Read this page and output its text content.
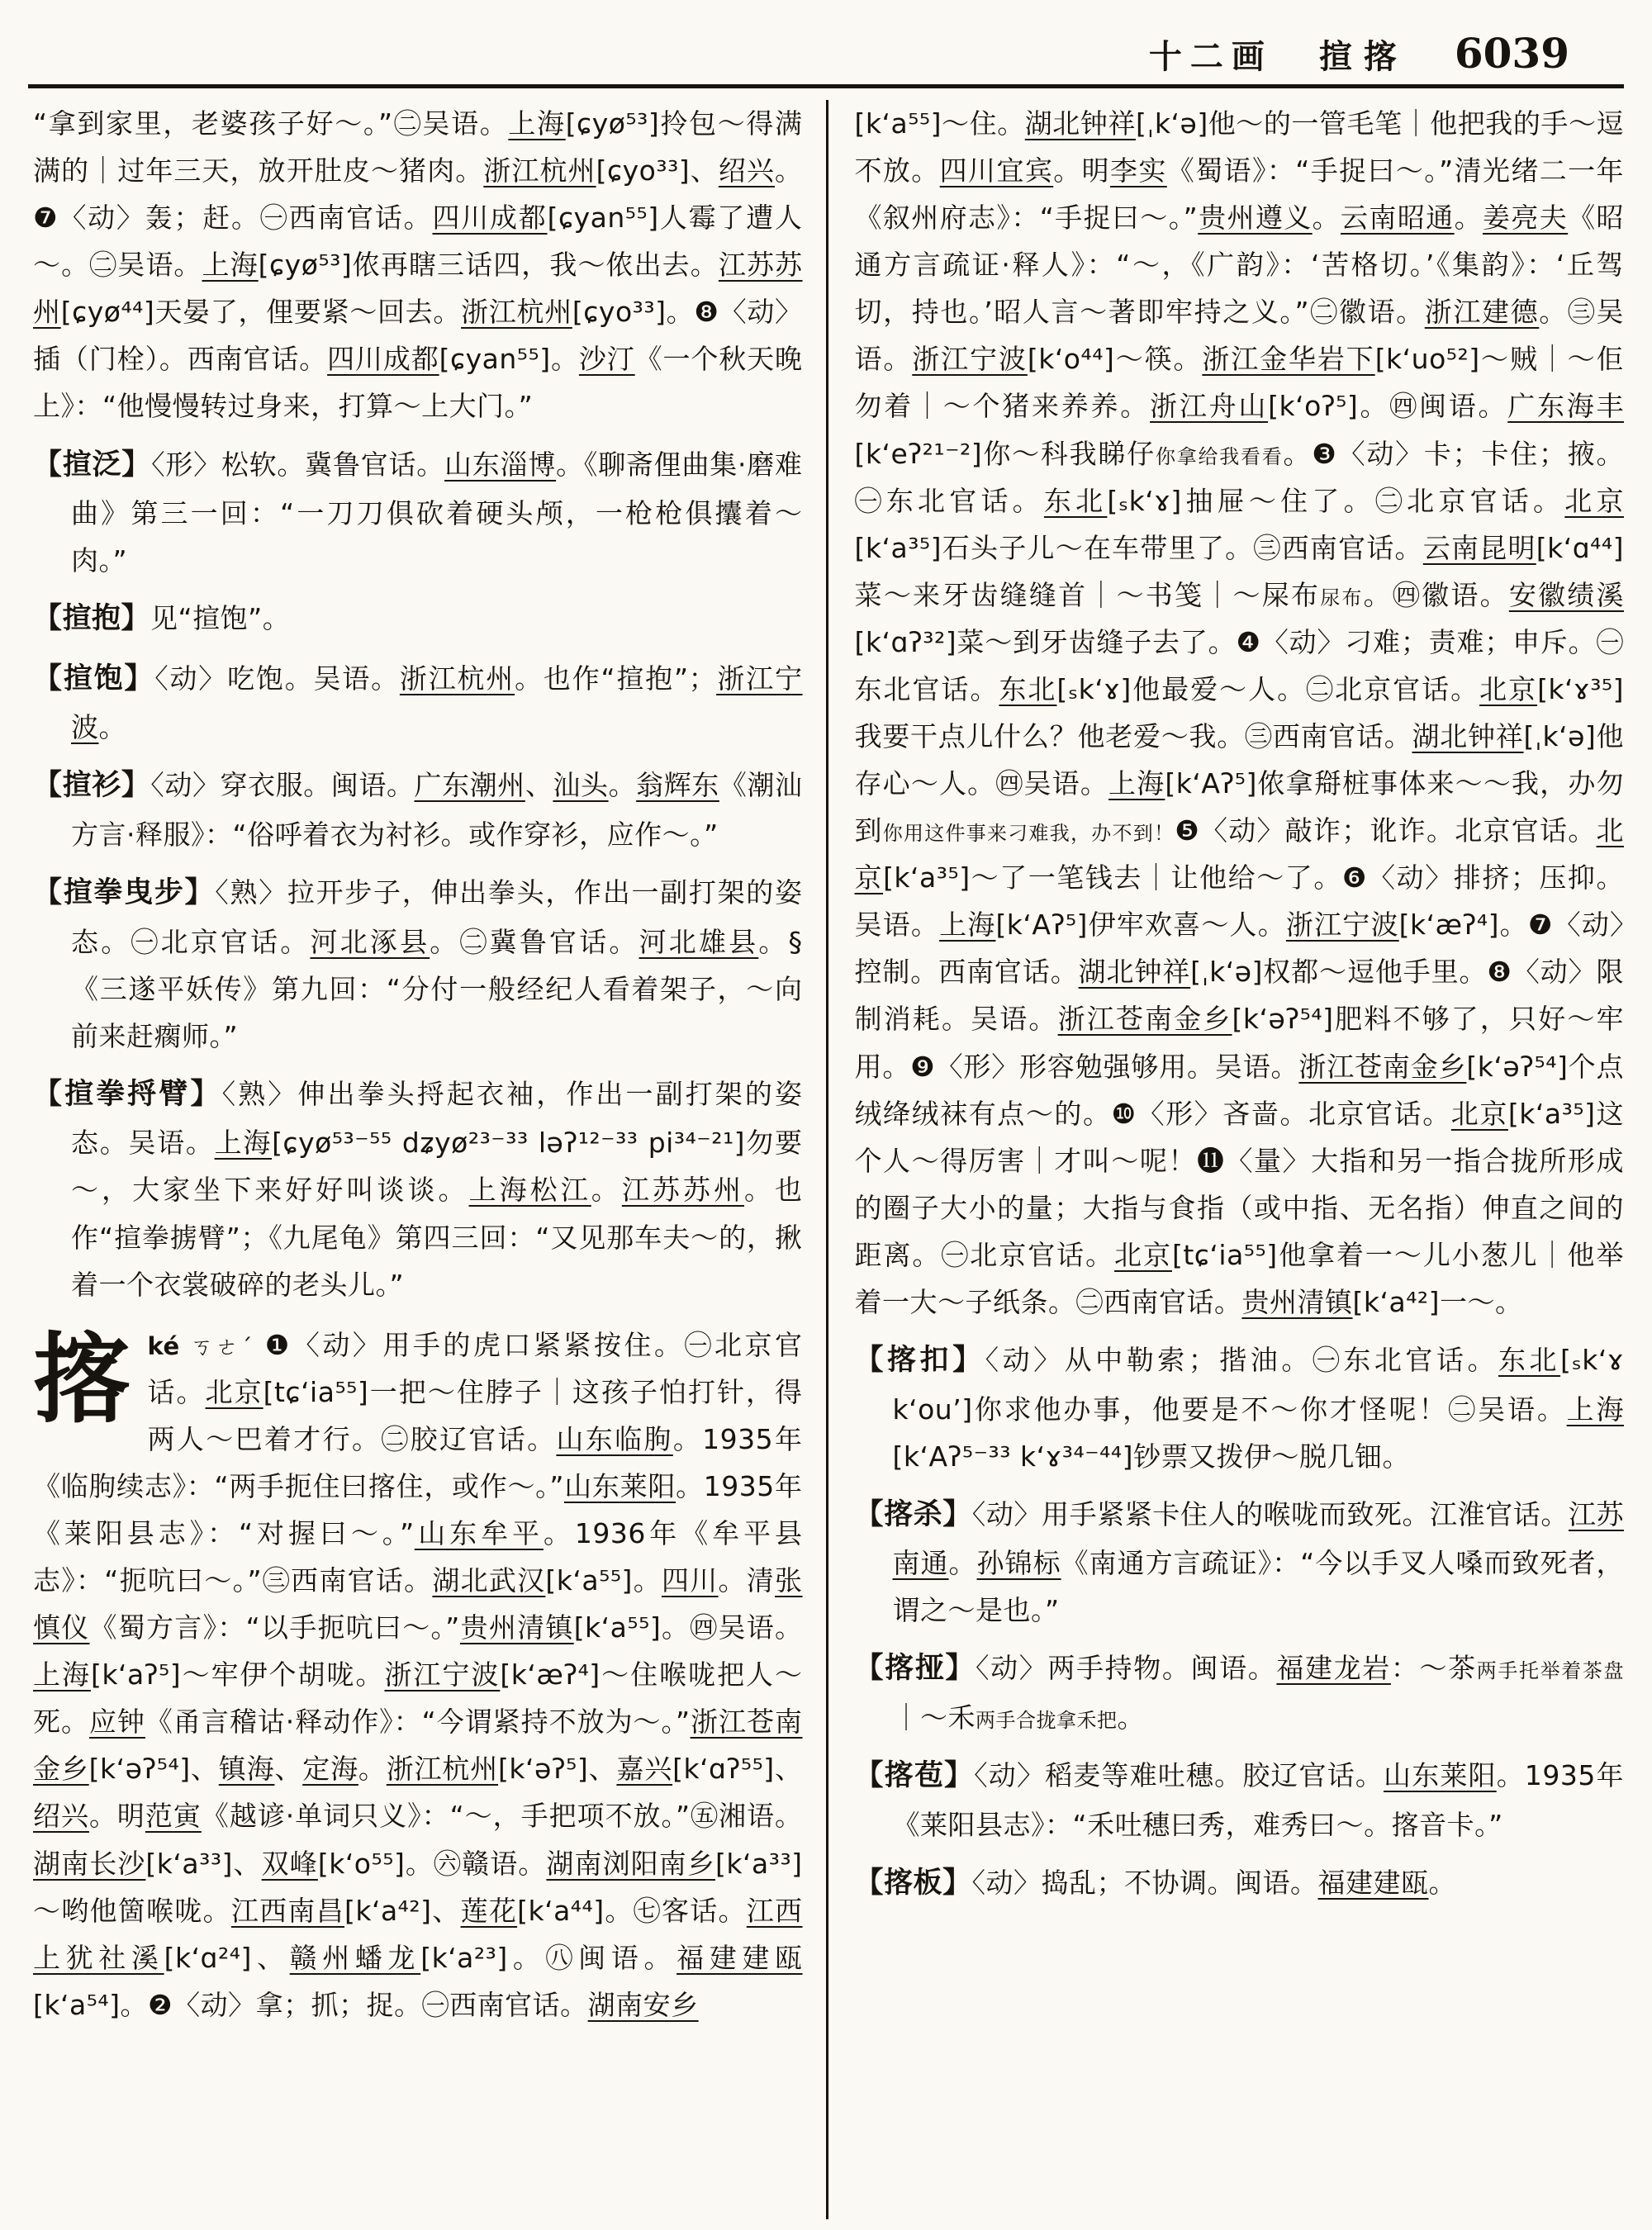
十二画 揎揢 6039

“拿到家里，老婆孩子好～。”㊁吴语。上海[ɕyø⁵³]拎包～得满满的｜过年三天，放开肚皮～猪肉。浙江杭州[ɕyo³³]、绍兴。❼〈动〉轰；赶。㊀西南官话。四川成都[ɕyan⁵⁵]人霉了遭人～。㊁吴语。上海[ɕyø⁵³]侬再瞎三话四，我～侬出去。江苏苏州[ɕyø⁴⁴]天晏了，俚要紧～回去。浙江杭州[ɕyo³³]。❽〈动〉插（门栓）。西南官话。四川成都[ɕyan⁵⁵]。沙汀《一个秋天晚上》：“他慢慢转过身来，打算～上大门。”

【揎泛】〈形〉松软。冀鲁官话。山东淄博。《聊斋俚曲集·磨难曲》第三一回：“一刀刀俱砍着硬头颅，一枪枪俱攮着～肉。”
【揎抱】见“揎饱”。
【揎饱】〈动〉吃饱。吴语。浙江杭州。也作“揎抱”；浙江宁波。
【揎衫】〈动〉穿衣服。闽语。广东潮州、汕头。翁辉东《潮汕方言·释服》：“俗呼着衣为衬衫。或作穿衫，应作～。”
【揎拳曳步】〈熟〉拉开步子，伸出拳头，作出一副打架的姿态。㊀北京官话。河北涿县。㊁冀鲁官话。河北雄县。§《三遂平妖传》第九回：“分付一般经纪人看着架子，～向前来赶瘸师。”
【揎拳捋臂】〈熟〉伸出拳头捋起衣袖，作出一副打架的姿态。吴语。上海[ɕyø⁵³⁻⁵⁵ dʑyø²³⁻³³ ləʔ¹²⁻³³ pi³⁴⁻²¹]勿要～，大家坐下来好好叫谈谈。上海松江。江苏苏州。也作“揎拳掳臂”；《九尾龟》第四三回：“又见那车夫～的，揪着一个衣裳破碎的老头儿。”
揢ké ㄎㄜˊ ❶〈动〉用手的虎口紧紧按住。㊀北京官话。北京[tɕʻia⁵⁵]一把～住脖子｜这孩子怕打针，得两人～巴着才行。㊁胶辽官话。山东临朐。1935年《临朐续志》：“两手扼住曰揢住，或作～。”山东莱阳。1935年《莱阳县志》：“对握曰～。”山东牟平。1936年《牟平县志》：“扼吭曰～。”㊂西南官话。湖北武汉[kʻa⁵⁵]。四川。清张慎仪《蜀方言》：“以手扼吭曰～。”贵州清镇[kʻa⁵⁵]。㊃吴语。上海[kʻaʔ⁵]～牢伊个胡咙。浙江宁波[kʻæʔ⁴]～住喉咙把人～死。应钟《甬言稽诂·释动作》：“今谓紧持不放为～。”浙江苍南金乡[kʻəʔ⁵⁴]、镇海、定海。浙江杭州[kʻəʔ⁵]、嘉兴[kʻɑʔ⁵⁵]、绍兴。明范寅《越谚·单词只义》：“～，手把项不放。”㊄湘语。湖南长沙[kʻa³³]、双峰[kʻo⁵⁵]。㊅赣语。湖南浏阳南乡[kʻa³³]～哟他箇喉咙。江西南昌[kʻa⁴²]、莲花[kʻa⁴⁴]。㊆客话。江西上犹社溪[kʻɑ²⁴]、赣州蟠龙[kʻa²³]。㊇闽语。福建建瓯[kʻa⁵⁴]。❷〈动〉拿；抓；捉。㊀西南官话。湖南安乡

[kʻa⁵⁵]～住。湖北钟祥[ˌkʻə]他～的一管毛笔｜他把我的手～逗不放。四川宜宾。明李实《蜀语》：“手捉曰～。”清光绪二一年《叙州府志》：“手捉曰～。”贵州遵义。云南昭通。姜亮夫《昭通方言疏证·释人》：“～，《广韵》：‘苦格切。’《集韵》：‘丘驾切，持也。’昭人言～著即牢持之义。”㊁徽语。浙江建德。㊂吴语。浙江宁波[kʻo⁴⁴]～筷。浙江金华岩下[kʻuo⁵²]～贼｜～佢勿着｜～个猪来养养。浙江舟山[kʻoʔ⁵]。㊃闽语。广东海丰[kʻeʔ²¹⁻²]你～科我睇仔你拿给我看看。❸〈动〉卡；卡住；掖。㊀东北官话。东北[ₛkʻɤ]抽屉～住了。㊁北京官话。北京[kʻa³⁵]石头子儿～在车带里了。㊂西南官话。云南昆明[kʻɑ⁴⁴]菜～来牙齿缝缝首｜～书笺｜～屎布尿布。㊃徽语。安徽绩溪[kʻɑʔ³²]菜～到牙齿缝子去了。❹〈动〉刁难；责难；申斥。㊀东北官话。东北[ₛkʻɤ]他最爱～人。㊁北京官话。北京[kʻɤ³⁵]我要干点儿什么？他老爱～我。㊂西南官话。湖北钟祥[ˌkʻə]他存心～人。㊃吴语。上海[kʻAʔ⁵]侬拿搿桩事体来～～我，办勿到你用这件事来刁难我，办不到！❺〈动〉敲诈；讹诈。北京官话。北京[kʻa³⁵]～了一笔钱去｜让他给～了。❻〈动〉排挤；压抑。吴语。上海[kʻAʔ⁵]伊牢欢喜～人。浙江宁波[kʻæʔ⁴]。❼〈动〉控制。西南官话。湖北钟祥[ˌkʻə]权都～逗他手里。❽〈动〉限制消耗。吴语。浙江苍南金乡[kʻəʔ⁵⁴]肥料不够了，只好～牢用。❾〈形〉形容勉强够用。吴语。浙江苍南金乡[kʻəʔ⁵⁴]个点绒绛绒袜有点～的。❿〈形〉吝啬。北京官话。北京[kʻa³⁵]这个人～得厉害｜才叫～呢！⓫〈量〉大指和另一指合拢所形成的圈子大小的量；大指与食指（或中指、无名指）伸直之间的距离。㊀北京官话。北京[tɕʻia⁵⁵]他拿着一～儿小葱儿｜他举着一大～子纸条。㊁西南官话。贵州清镇[kʻa⁴²]一～。

【揢扣】〈动〉从中勒索；揩油。㊀东北官话。东北[ₛkʻɤ kʻouʼ]你求他办事，他要是不～你才怪呢！㊁吴语。上海[kʻAʔ⁵⁻³³ kʻɤ³⁴⁻⁴⁴]钞票又拨伊～脱几钿。
【揢杀】〈动〉用手紧紧卡住人的喉咙而致死。江淮官话。江苏南通。孙锦标《南通方言疏证》：“今以手叉人嗓而致死者，谓之～是也。”
【揢挜】〈动〉两手持物。闽语。福建龙岩：～茶两手托举着茶盘｜～禾两手合拢拿禾把。
【揢苞】〈动〉稻麦等难吐穗。胶辽官话。山东莱阳。1935年《莱阳县志》：“禾吐穗曰秀，难秀曰～。揢音卡。”
【揢板】〈动〉捣乱；不协调。闽语。福建建瓯。
